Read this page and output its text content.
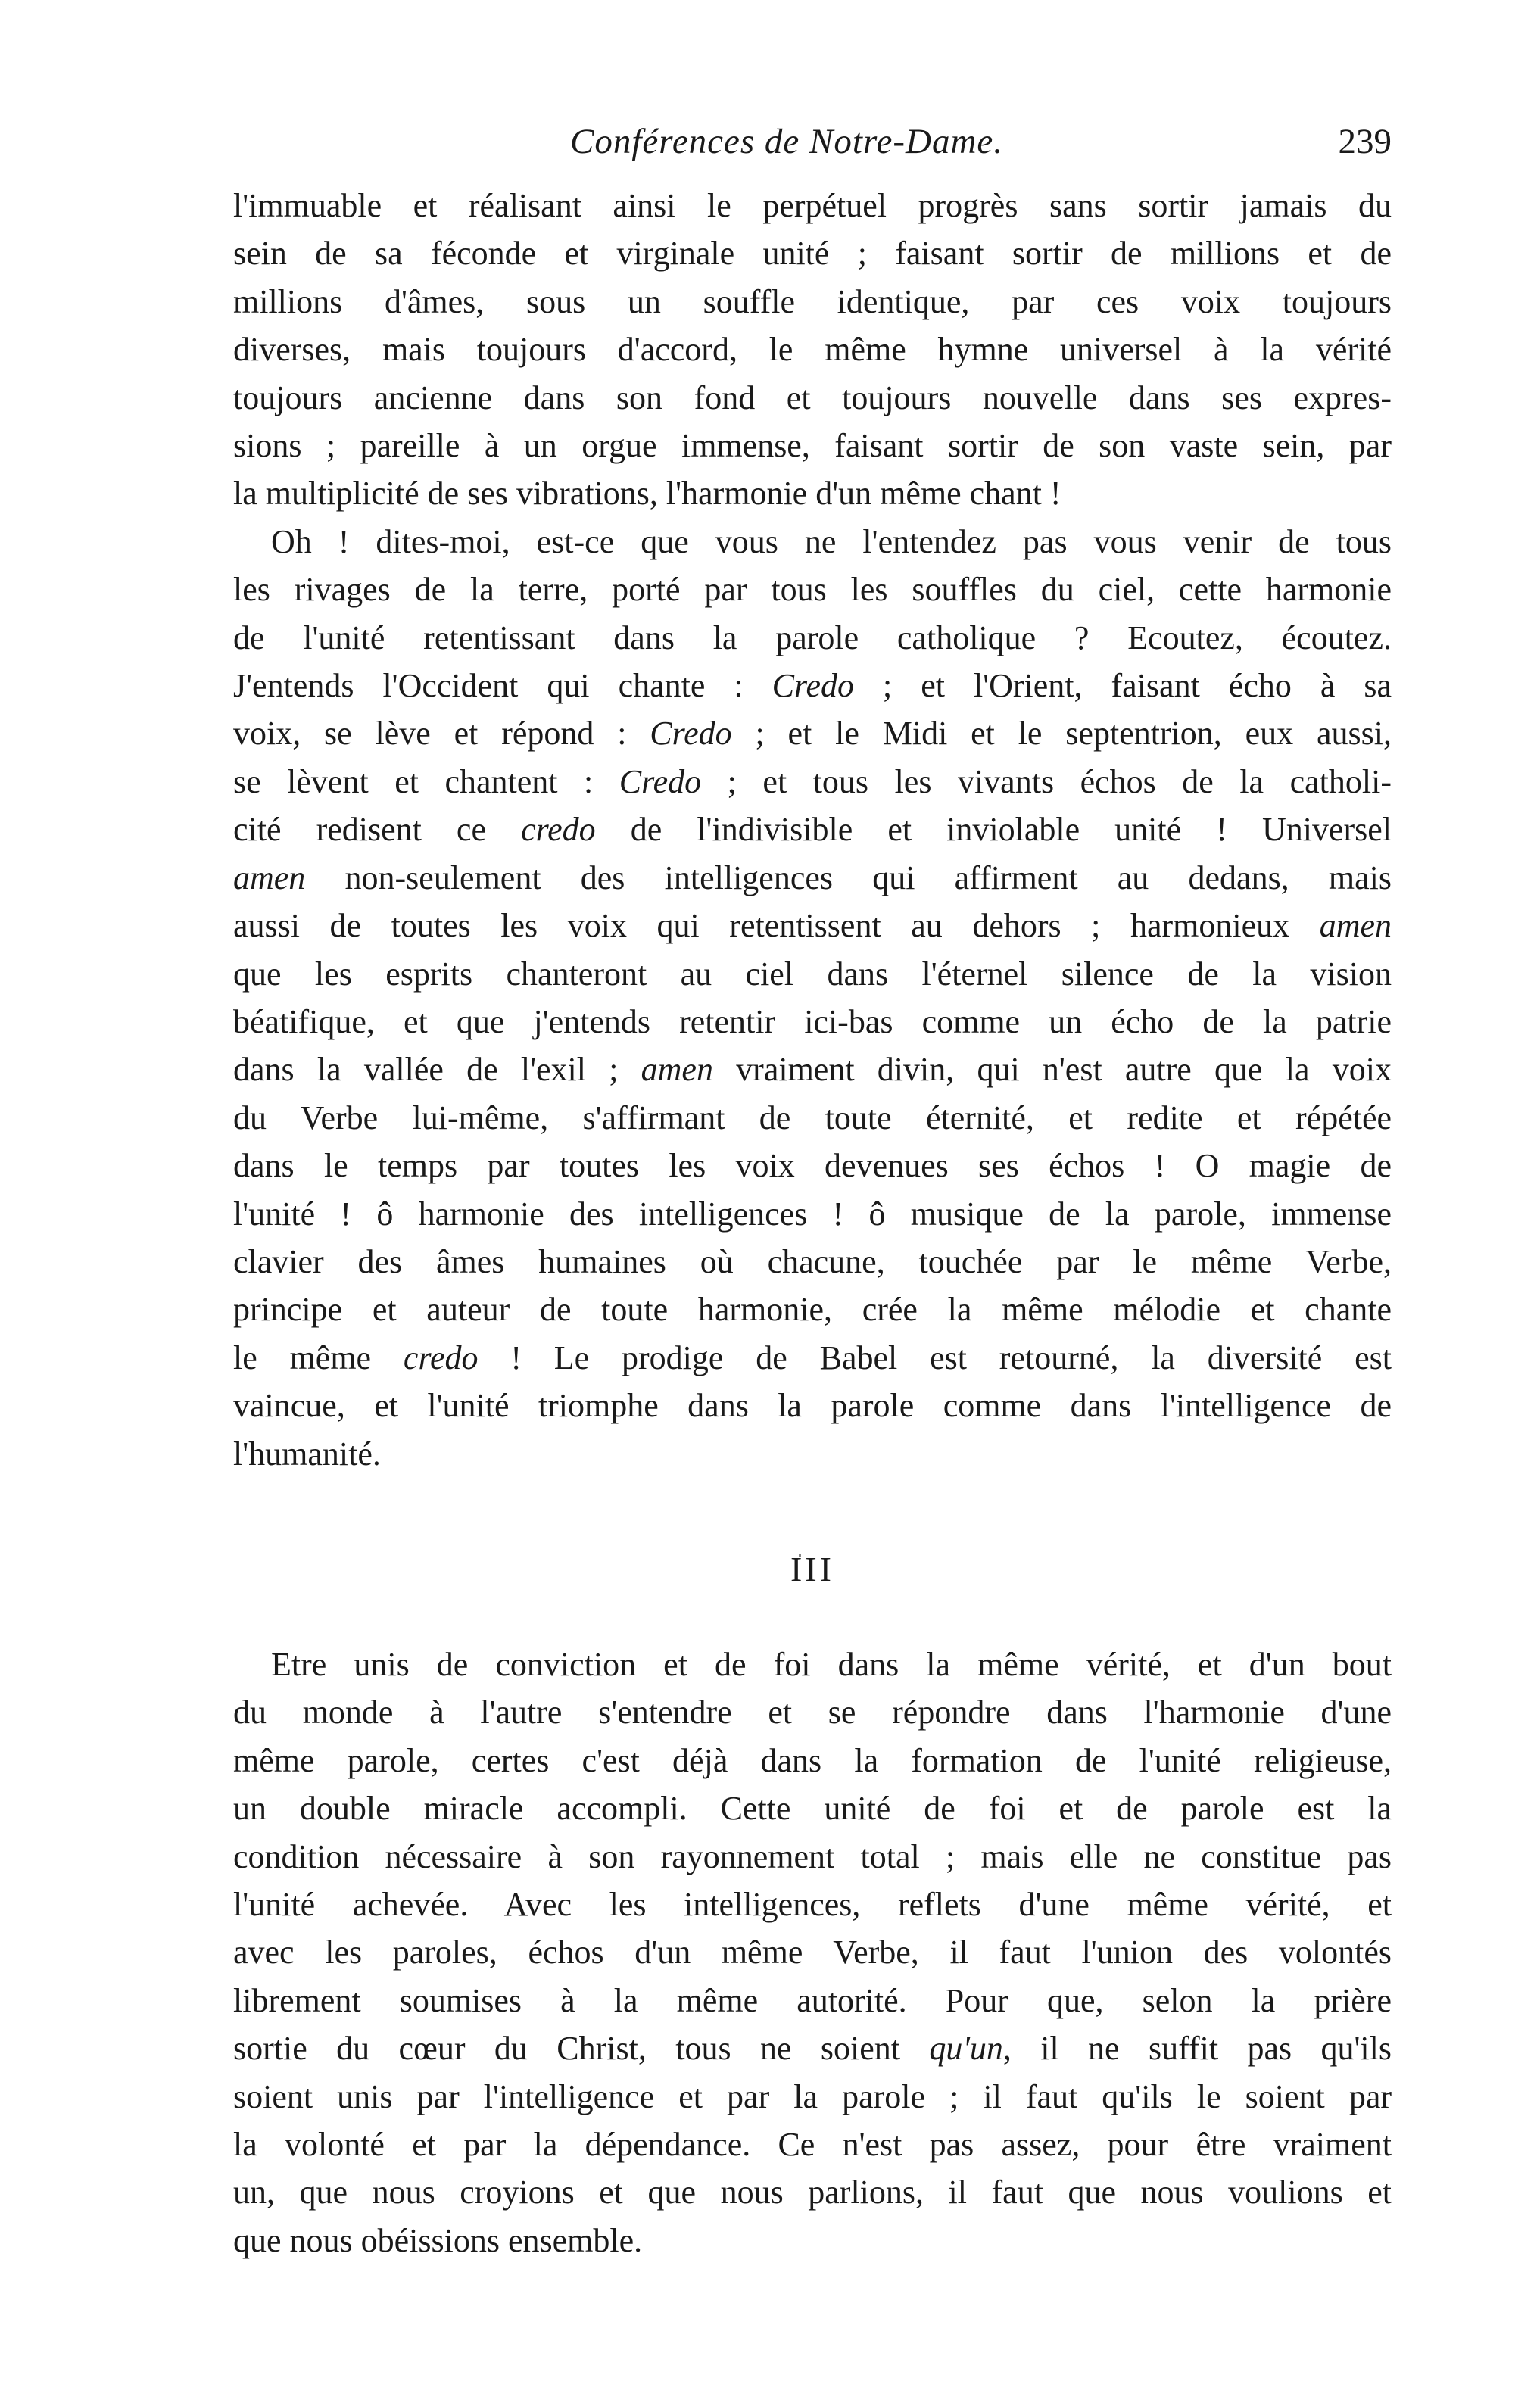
Conférences de Notre-Dame.	239
l'immuable et réalisant ainsi le perpétuel progrès sans sortir jamais du
sein de sa féconde et virginale unité ; faisant sortir de millions et de
millions d'âmes, sous un souffle identique, par ces voix toujours
diverses, mais toujours d'accord, le même hymne universel à la vérité
toujours ancienne dans son fond et toujours nouvelle dans ses expres-
sions ; pareille à un orgue immense, faisant sortir de son vaste sein, par
la multiplicité de ses vibrations, l'harmonie d'un même chant !
Oh ! dites-moi, est-ce que vous ne l'entendez pas vous venir de tous
les rivages de la terre, porté par tous les souffles du ciel, cette harmonie
de l'unité retentissant dans la parole catholique ? Ecoutez, écoutez.
J'entends l'Occident qui chante : Credo ; et l'Orient, faisant écho à sa
voix, se lève et répond : Credo ; et le Midi et le septentrion, eux aussi,
se lèvent et chantent : Credo ; et tous les vivants échos de la catholi-
cité redisent ce credo de l'indivisible et inviolable unité ! Universel
amen non-seulement des intelligences qui affirment au dedans, mais
aussi de toutes les voix qui retentissent au dehors ; harmonieux amen
que les esprits chanteront au ciel dans l'éternel silence de la vision
béatifique, et que j'entends retentir ici-bas comme un écho de la patrie
dans la vallée de l'exil ; amen vraiment divin, qui n'est autre que la voix
du Verbe lui-même, s'affirmant de toute éternité, et redite et répétée
dans le temps par toutes les voix devenues ses échos ! O magie de
l'unité ! ô harmonie des intelligences ! ô musique de la parole, immense
clavier des âmes humaines où chacune, touchée par le même Verbe,
principe et auteur de toute harmonie, crée la même mélodie et chante
le même credo ! Le prodige de Babel est retourné, la diversité est
vaincue, et l'unité triomphe dans la parole comme dans l'intelligence de
l'humanité.
III
Etre unis de conviction et de foi dans la même vérité, et d'un bout
du monde à l'autre s'entendre et se répondre dans l'harmonie d'une
même parole, certes c'est déjà dans la formation de l'unité religieuse,
un double miracle accompli. Cette unité de foi et de parole est la
condition nécessaire à son rayonnement total ; mais elle ne constitue pas
l'unité achevée. Avec les intelligences, reflets d'une même vérité, et
avec les paroles, échos d'un même Verbe, il faut l'union des volontés
librement soumises à la même autorité. Pour que, selon la prière
sortie du cœur du Christ, tous ne soient qu'un, il ne suffit pas qu'ils
soient unis par l'intelligence et par la parole ; il faut qu'ils le soient par
la volonté et par la dépendance. Ce n'est pas assez, pour être vraiment
un, que nous croyions et que nous parlions, il faut que nous voulions et
que nous obéissions ensemble.
